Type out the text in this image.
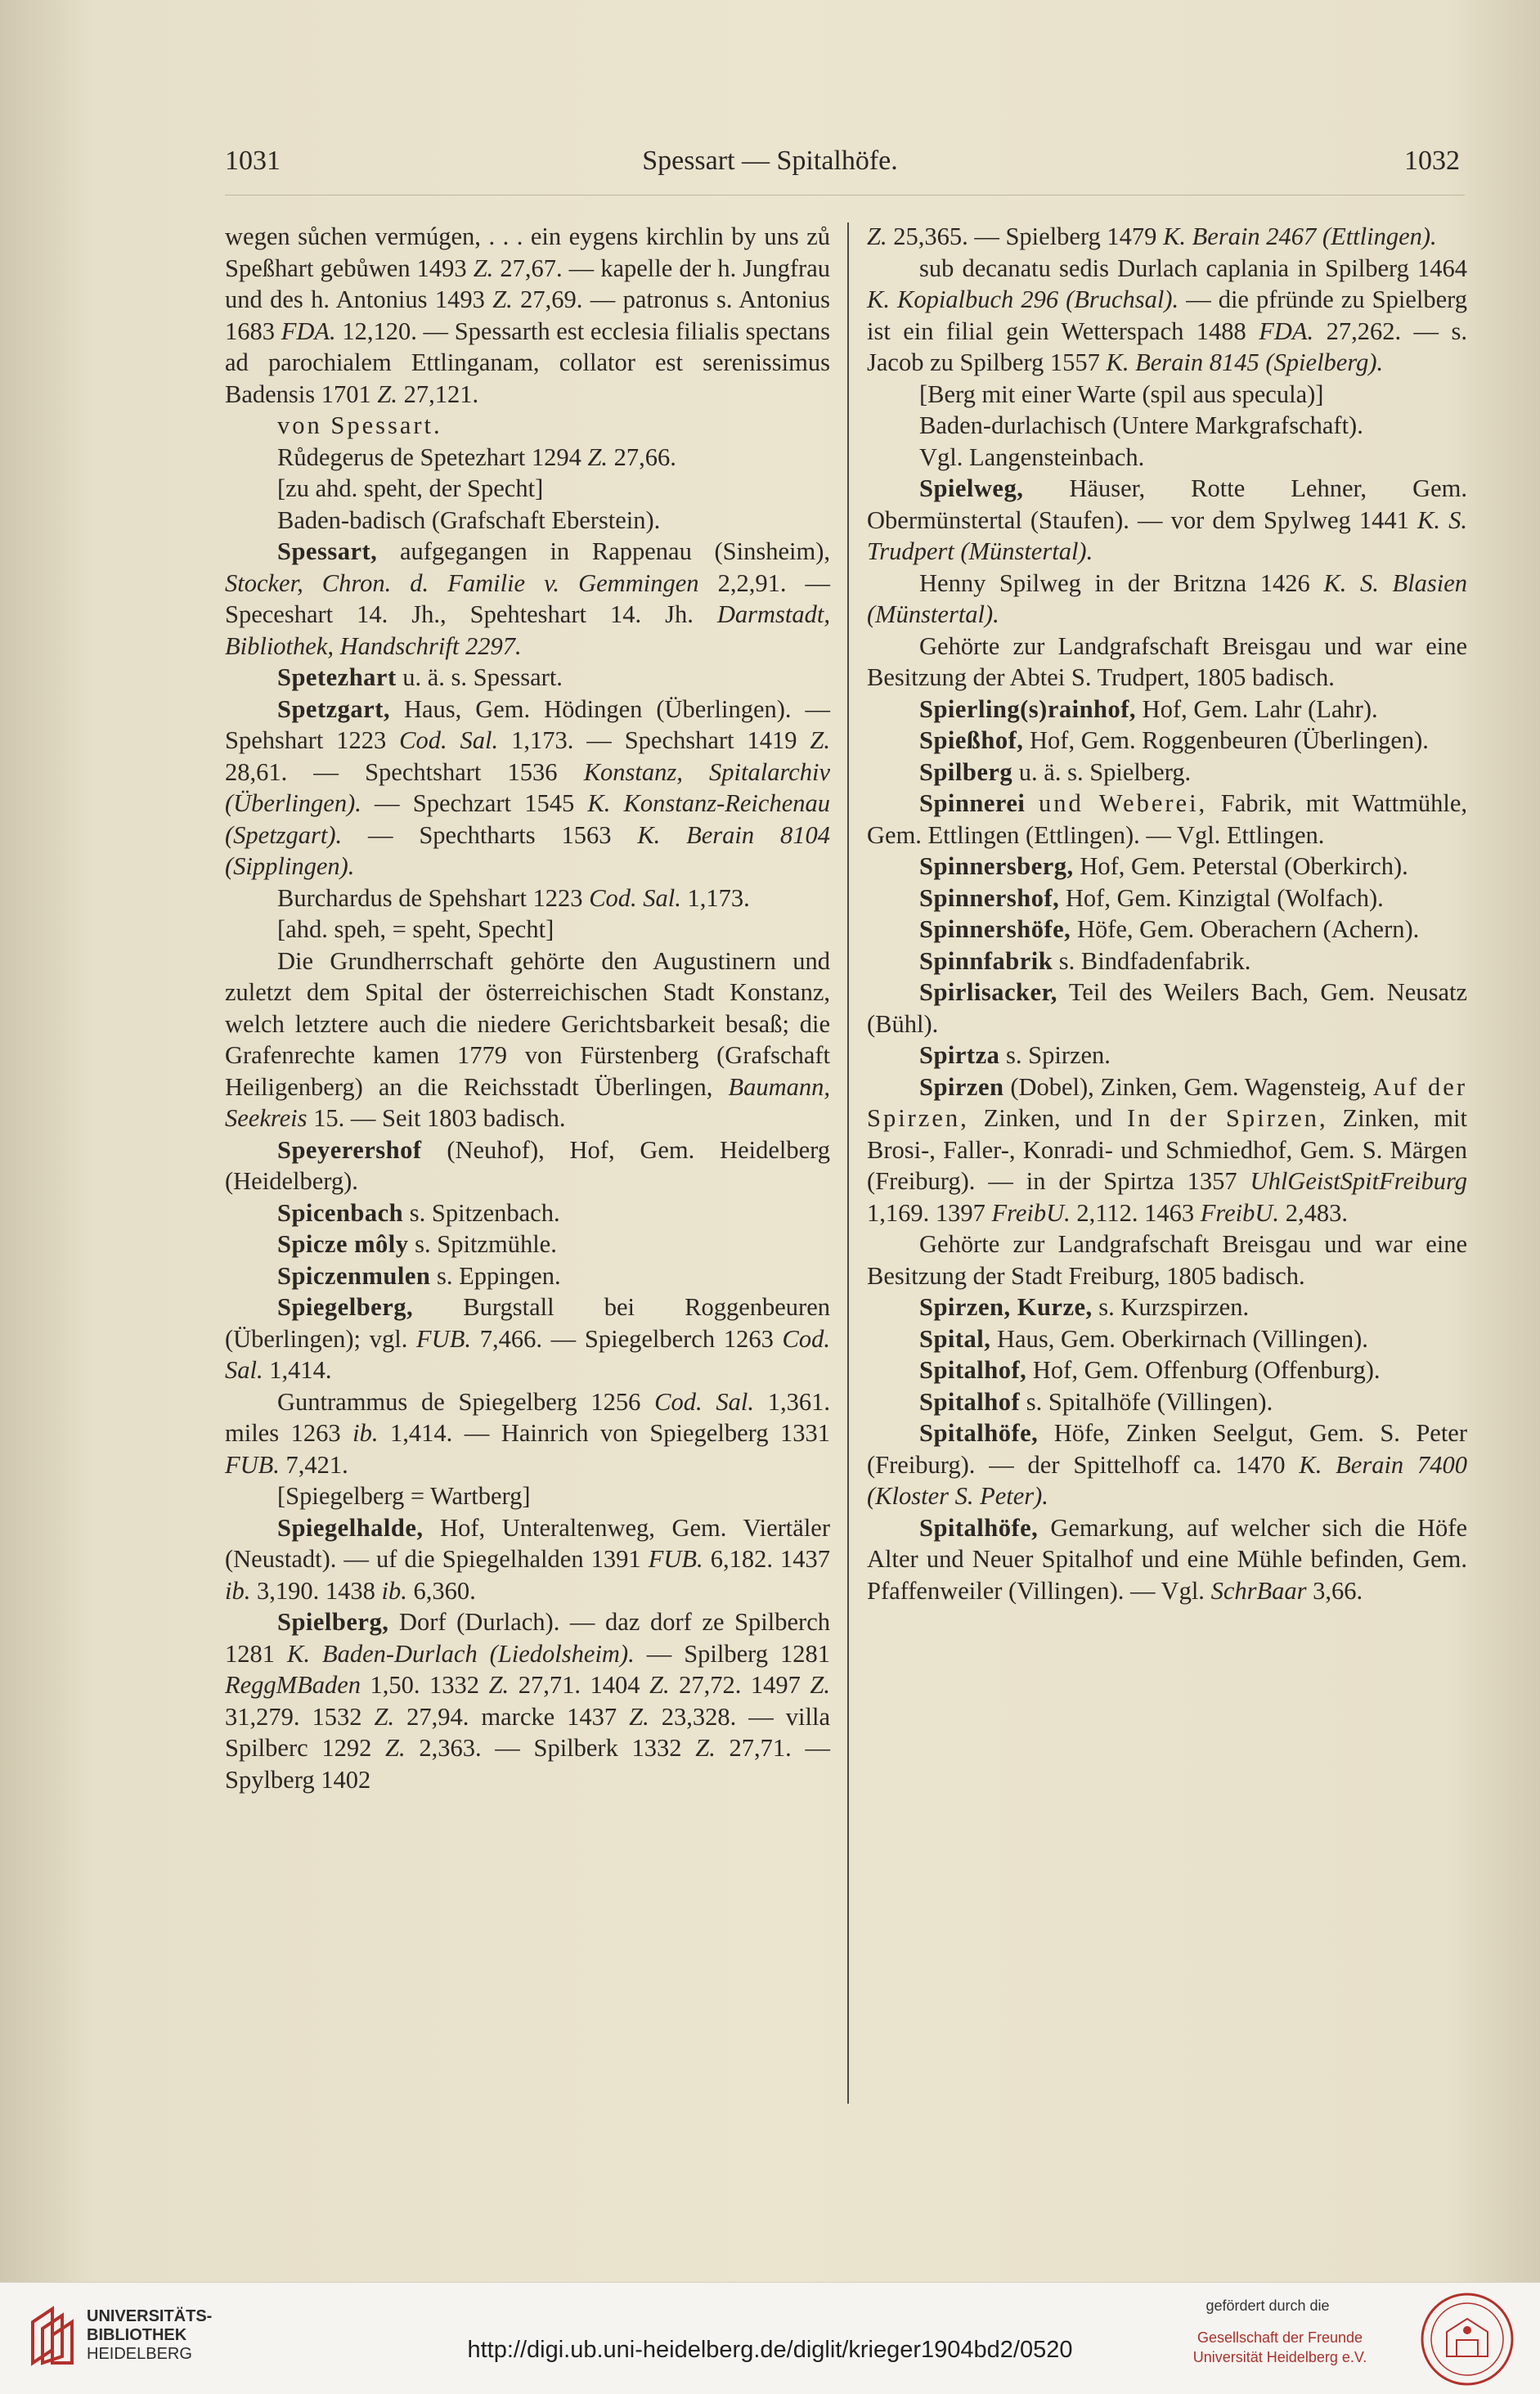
1031	Spessart — Spitalhöfe.	1032

wegen sůchen vermúgen, . . . ein eygens kirchlin by uns zů Speßhart gebůwen 1493 Z. 27,67. — kapelle der h. Jungfrau und des h. Antonius 1493 Z. 27,69. — patronus s. Antonius 1683 FDA. 12,120. — Spessarth est ecclesia filialis spectans ad parochialem Ettlinganam, collator est serenissimus Badensis 1701 Z. 27,121.

von Spessart.

Růdegerus de Spetezhart 1294 Z. 27,66.

[zu ahd. speht, der Specht]

Baden-badisch (Grafschaft Eberstein).

Spessart, aufgegangen in Rappenau (Sinsheim), Stocker, Chron. d. Familie v. Gemmingen 2,2,91. — Speceshart 14. Jh., Spehteshart 14. Jh. Darmstadt, Bibliothek, Handschrift 2297.

Spetezhart u. ä. s. Spessart.

Spetzgart, Haus, Gem. Hödingen (Überlingen). — Spehshart 1223 Cod. Sal. 1,173. — Spechshart 1419 Z. 28,61. — Spechtshart 1536 Konstanz, Spitalarchiv (Überlingen). — Spechzart 1545 K. Konstanz-Reichenau (Spetzgart). — Spechtharts 1563 K. Berain 8104 (Sipplingen).

Burchardus de Spehshart 1223 Cod. Sal. 1,173.

[ahd. speh, = speht, Specht]

Die Grundherrschaft gehörte den Augustinern und zuletzt dem Spital der österreichischen Stadt Konstanz, welch letztere auch die niedere Gerichtsbarkeit besaß; die Grafenrechte kamen 1779 von Fürstenberg (Grafschaft Heiligenberg) an die Reichsstadt Überlingen, Baumann, Seekreis 15. — Seit 1803 badisch.

Speyerershof (Neuhof), Hof, Gem. Heidelberg (Heidelberg).

Spicenbach s. Spitzenbach.

Spicze môly s. Spitzmühle.

Spiczenmulen s. Eppingen.

Spiegelberg, Burgstall bei Roggenbeuren (Überlingen); vgl. FUB. 7,466. — Spiegelberch 1263 Cod. Sal. 1,414.

Guntrammus de Spiegelberg 1256 Cod. Sal. 1,361. miles 1263 ib. 1,414. — Hainrich von Spiegelberg 1331 FUB. 7,421.

[Spiegelberg = Wartberg]

Spiegelhalde, Hof, Unteraltenweg, Gem. Viertäler (Neustadt). — uf die Spiegelhalden 1391 FUB. 6,182. 1437 ib. 3,190. 1438 ib. 6,360.

Spielberg, Dorf (Durlach). — daz dorf ze Spilberch 1281 K. Baden-Durlach (Liedolsheim). — Spilberg 1281 ReggMBaden 1,50. 1332 Z. 27,71. 1404 Z. 27,72. 1497 Z. 31,279. 1532 Z. 27,94. marcke 1437 Z. 23,328. — villa Spilberc 1292 Z. 2,363. — Spilberk 1332 Z. 27,71. — Spylberg 1402

Z. 25,365. — Spielberg 1479 K. Berain 2467 (Ettlingen).

sub decanatu sedis Durlach caplania in Spilberg 1464 K. Kopialbuch 296 (Bruchsal). — die pfründe zu Spielberg ist ein filial gein Wetterspach 1488 FDA. 27,262. — s. Jacob zu Spilberg 1557 K. Berain 8145 (Spielberg).

[Berg mit einer Warte (spil aus specula)]

Baden-durlachisch (Untere Markgrafschaft).

Vgl. Langensteinbach.

Spielweg, Häuser, Rotte Lehner, Gem. Obermünstertal (Staufen). — vor dem Spylweg 1441 K. S. Trudpert (Münstertal).

Henny Spilweg in der Britzna 1426 K. S. Blasien (Münstertal).

Gehörte zur Landgrafschaft Breisgau und war eine Besitzung der Abtei S. Trudpert, 1805 badisch.

Spierling(s)rainhof, Hof, Gem. Lahr (Lahr).

Spießhof, Hof, Gem. Roggenbeuren (Überlingen).

Spilberg u. ä. s. Spielberg.

Spinnerei und Weberei, Fabrik, mit Wattmühle, Gem. Ettlingen (Ettlingen). — Vgl. Ettlingen.

Spinnersberg, Hof, Gem. Peterstal (Oberkirch).

Spinnershof, Hof, Gem. Kinzigtal (Wolfach).

Spinnershöfe, Höfe, Gem. Oberachern (Achern).

Spinnfabrik s. Bindfadenfabrik.

Spirlisacker, Teil des Weilers Bach, Gem. Neusatz (Bühl).

Spirtza s. Spirzen.

Spirzen (Dobel), Zinken, Gem. Wagensteig, Auf der Spirzen, Zinken, und In der Spirzen, Zinken, mit Brosi-, Faller-, Konradi- und Schmiedhof, Gem. S. Märgen (Freiburg). — in der Spirtza 1357 UhlGeistSpitFreiburg 1,169. 1397 FreibU. 2,112. 1463 FreibU. 2,483.

Gehörte zur Landgrafschaft Breisgau und war eine Besitzung der Stadt Freiburg, 1805 badisch.

Spirzen, Kurze, s. Kurzspirzen.

Spital, Haus, Gem. Oberkirnach (Villingen).

Spitalhof, Hof, Gem. Offenburg (Offenburg).

Spitalhof s. Spitalhöfe (Villingen).

Spitalhöfe, Höfe, Zinken Seelgut, Gem. S. Peter (Freiburg). — der Spittelhoff ca. 1470 K. Berain 7400 (Kloster S. Peter).

Spitalhöfe, Gemarkung, auf welcher sich die Höfe Alter und Neuer Spitalhof und eine Mühle befinden, Gem. Pfaffenweiler (Villingen). — Vgl. SchrBaar 3,66.

UNIVERSITÄTS-
BIBLIOTHEK
HEIDELBERG	http://digi.ub.uni-heidelberg.de/diglit/krieger1904bd2/0520
gefördert durch die
Gesellschaft der Freunde
Universität Heidelberg e.V.
